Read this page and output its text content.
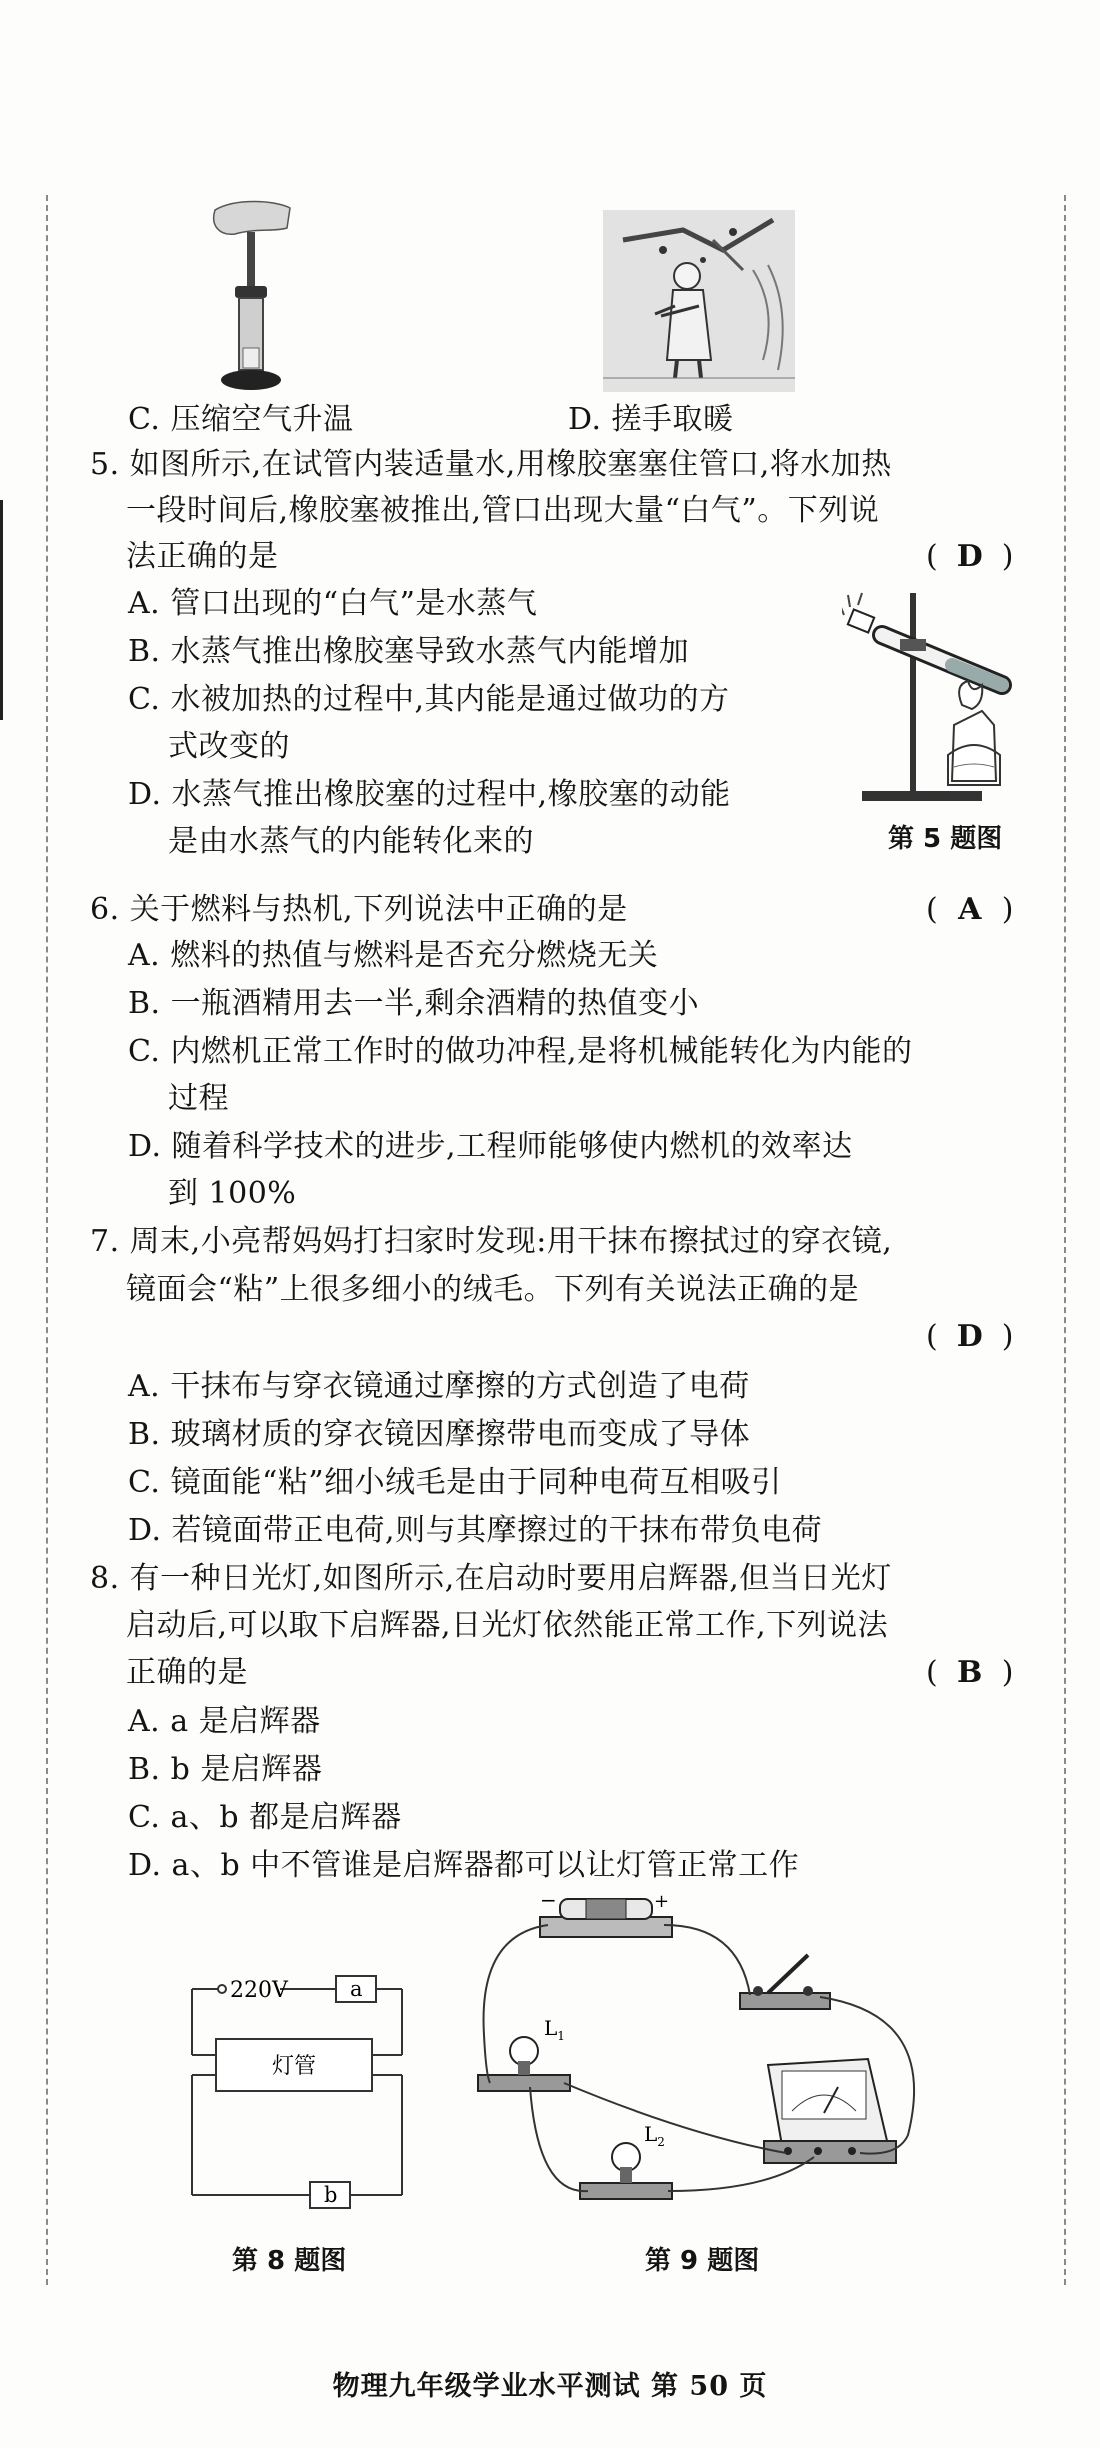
C. 压缩空气升温	D. 搓手取暖
5. 如图所示,在试管内装适量水,用橡胶塞塞住管口,将水加热
一段时间后,橡胶塞被推出,管口出现大量“白气”。下列说
法正确的是	( D )
A. 管口出现的“白气”是水蒸气
B. 水蒸气推出橡胶塞导致水蒸气内能增加
C. 水被加热的过程中,其内能是通过做功的方
式改变的
D. 水蒸气推出橡胶塞的过程中,橡胶塞的动能
是由水蒸气的内能转化来的	第 5 题图
6. 关于燃料与热机,下列说法中正确的是	( A )
A. 燃料的热值与燃料是否充分燃烧无关
B. 一瓶酒精用去一半,剩余酒精的热值变小
C. 内燃机正常工作时的做功冲程,是将机械能转化为内能的
过程
D. 随着科学技术的进步,工程师能够使内燃机的效率达
到 100%
7. 周末,小亮帮妈妈打扫家时发现:用干抹布擦拭过的穿衣镜,
镜面会“粘”上很多细小的绒毛。下列有关说法正确的是
( D )
A. 干抹布与穿衣镜通过摩擦的方式创造了电荷
B. 玻璃材质的穿衣镜因摩擦带电而变成了导体
C. 镜面能“粘”细小绒毛是由于同种电荷互相吸引
D. 若镜面带正电荷,则与其摩擦过的干抹布带负电荷
8. 有一种日光灯,如图所示,在启动时要用启辉器,但当日光灯
启动后,可以取下启辉器,日光灯依然能正常工作,下列说法
正确的是	( B )
A. a 是启辉器
B. b 是启辉器
C. a、b 都是启辉器
D. a、b 中不管谁是启辉器都可以让灯管正常工作
220V	a
灯管
b
第 8 题图
−	+
$L_1$
$L_2$
第 9 题图
物理九年级学业水平测试 第 50 页
